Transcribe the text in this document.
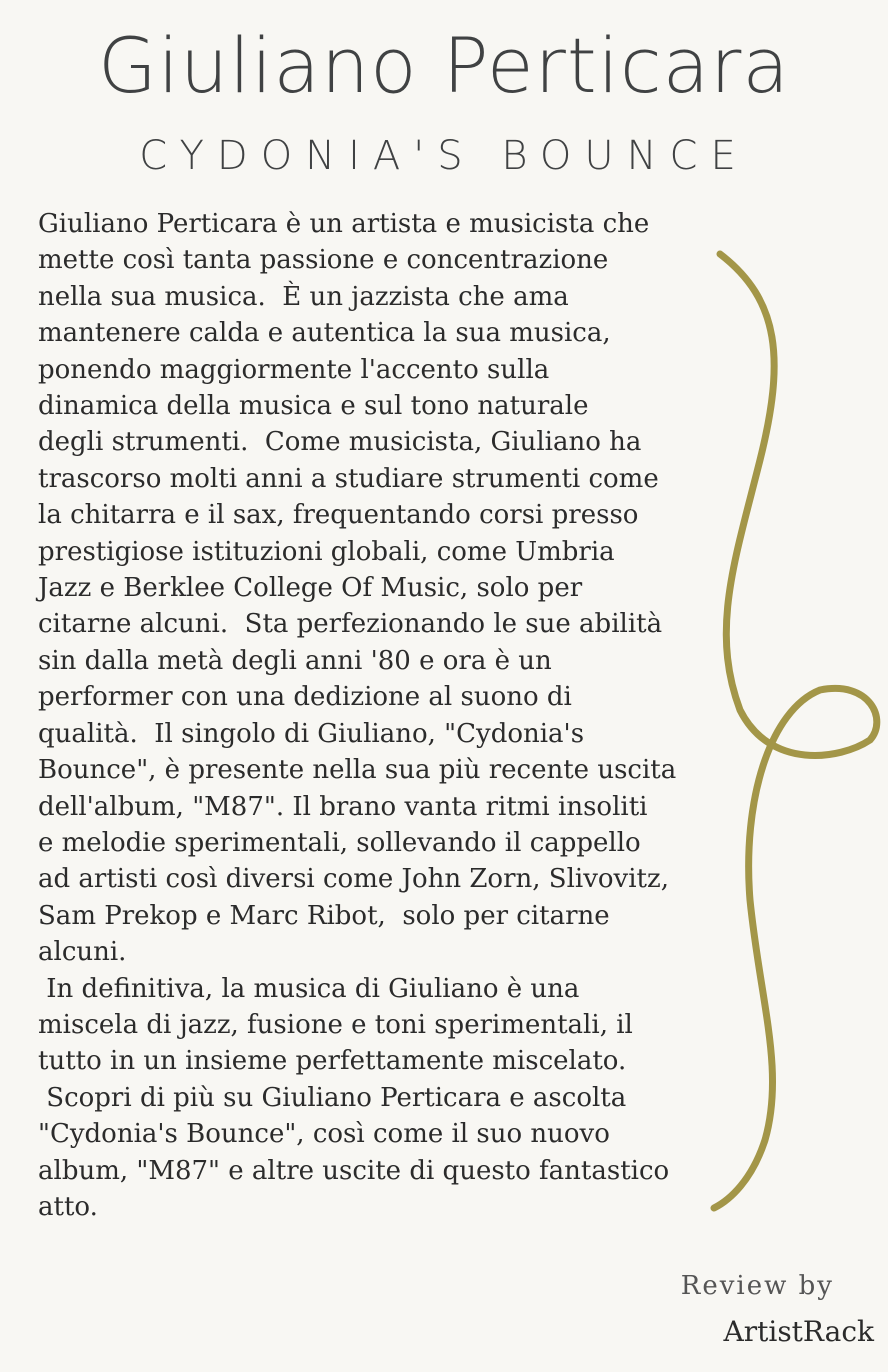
Giuliano Perticara
CYDONIA'S BOUNCE
Giuliano Perticara è un artista e musicista che
mette così tanta passione e concentrazione
nella sua musica.  È un jazzista che ama
mantenere calda e autentica la sua musica,
ponendo maggiormente l'accento sulla
dinamica della musica e sul tono naturale
degli strumenti.  Come musicista, Giuliano ha
trascorso molti anni a studiare strumenti come
la chitarra e il sax, frequentando corsi presso
prestigiose istituzioni globali, come Umbria
Jazz e Berklee College Of Music, solo per
citarne alcuni.  Sta perfezionando le sue abilità
sin dalla metà degli anni '80 e ora è un
performer con una dedizione al suono di
qualità.  Il singolo di Giuliano, "Cydonia's
Bounce", è presente nella sua più recente uscita
dell'album, "M87". Il brano vanta ritmi insoliti
e melodie sperimentali, sollevando il cappello
ad artisti così diversi come John Zorn, Slivovitz,
Sam Prekop e Marc Ribot,  solo per citarne
alcuni.
In definitiva, la musica di Giuliano è una
miscela di jazz, fusione e toni sperimentali, il
tutto in un insieme perfettamente miscelato.
Scopri di più su Giuliano Perticara e ascolta
"Cydonia's Bounce", così come il suo nuovo
album, "M87" e altre uscite di questo fantastico
atto.
Review by
ArtistRack
